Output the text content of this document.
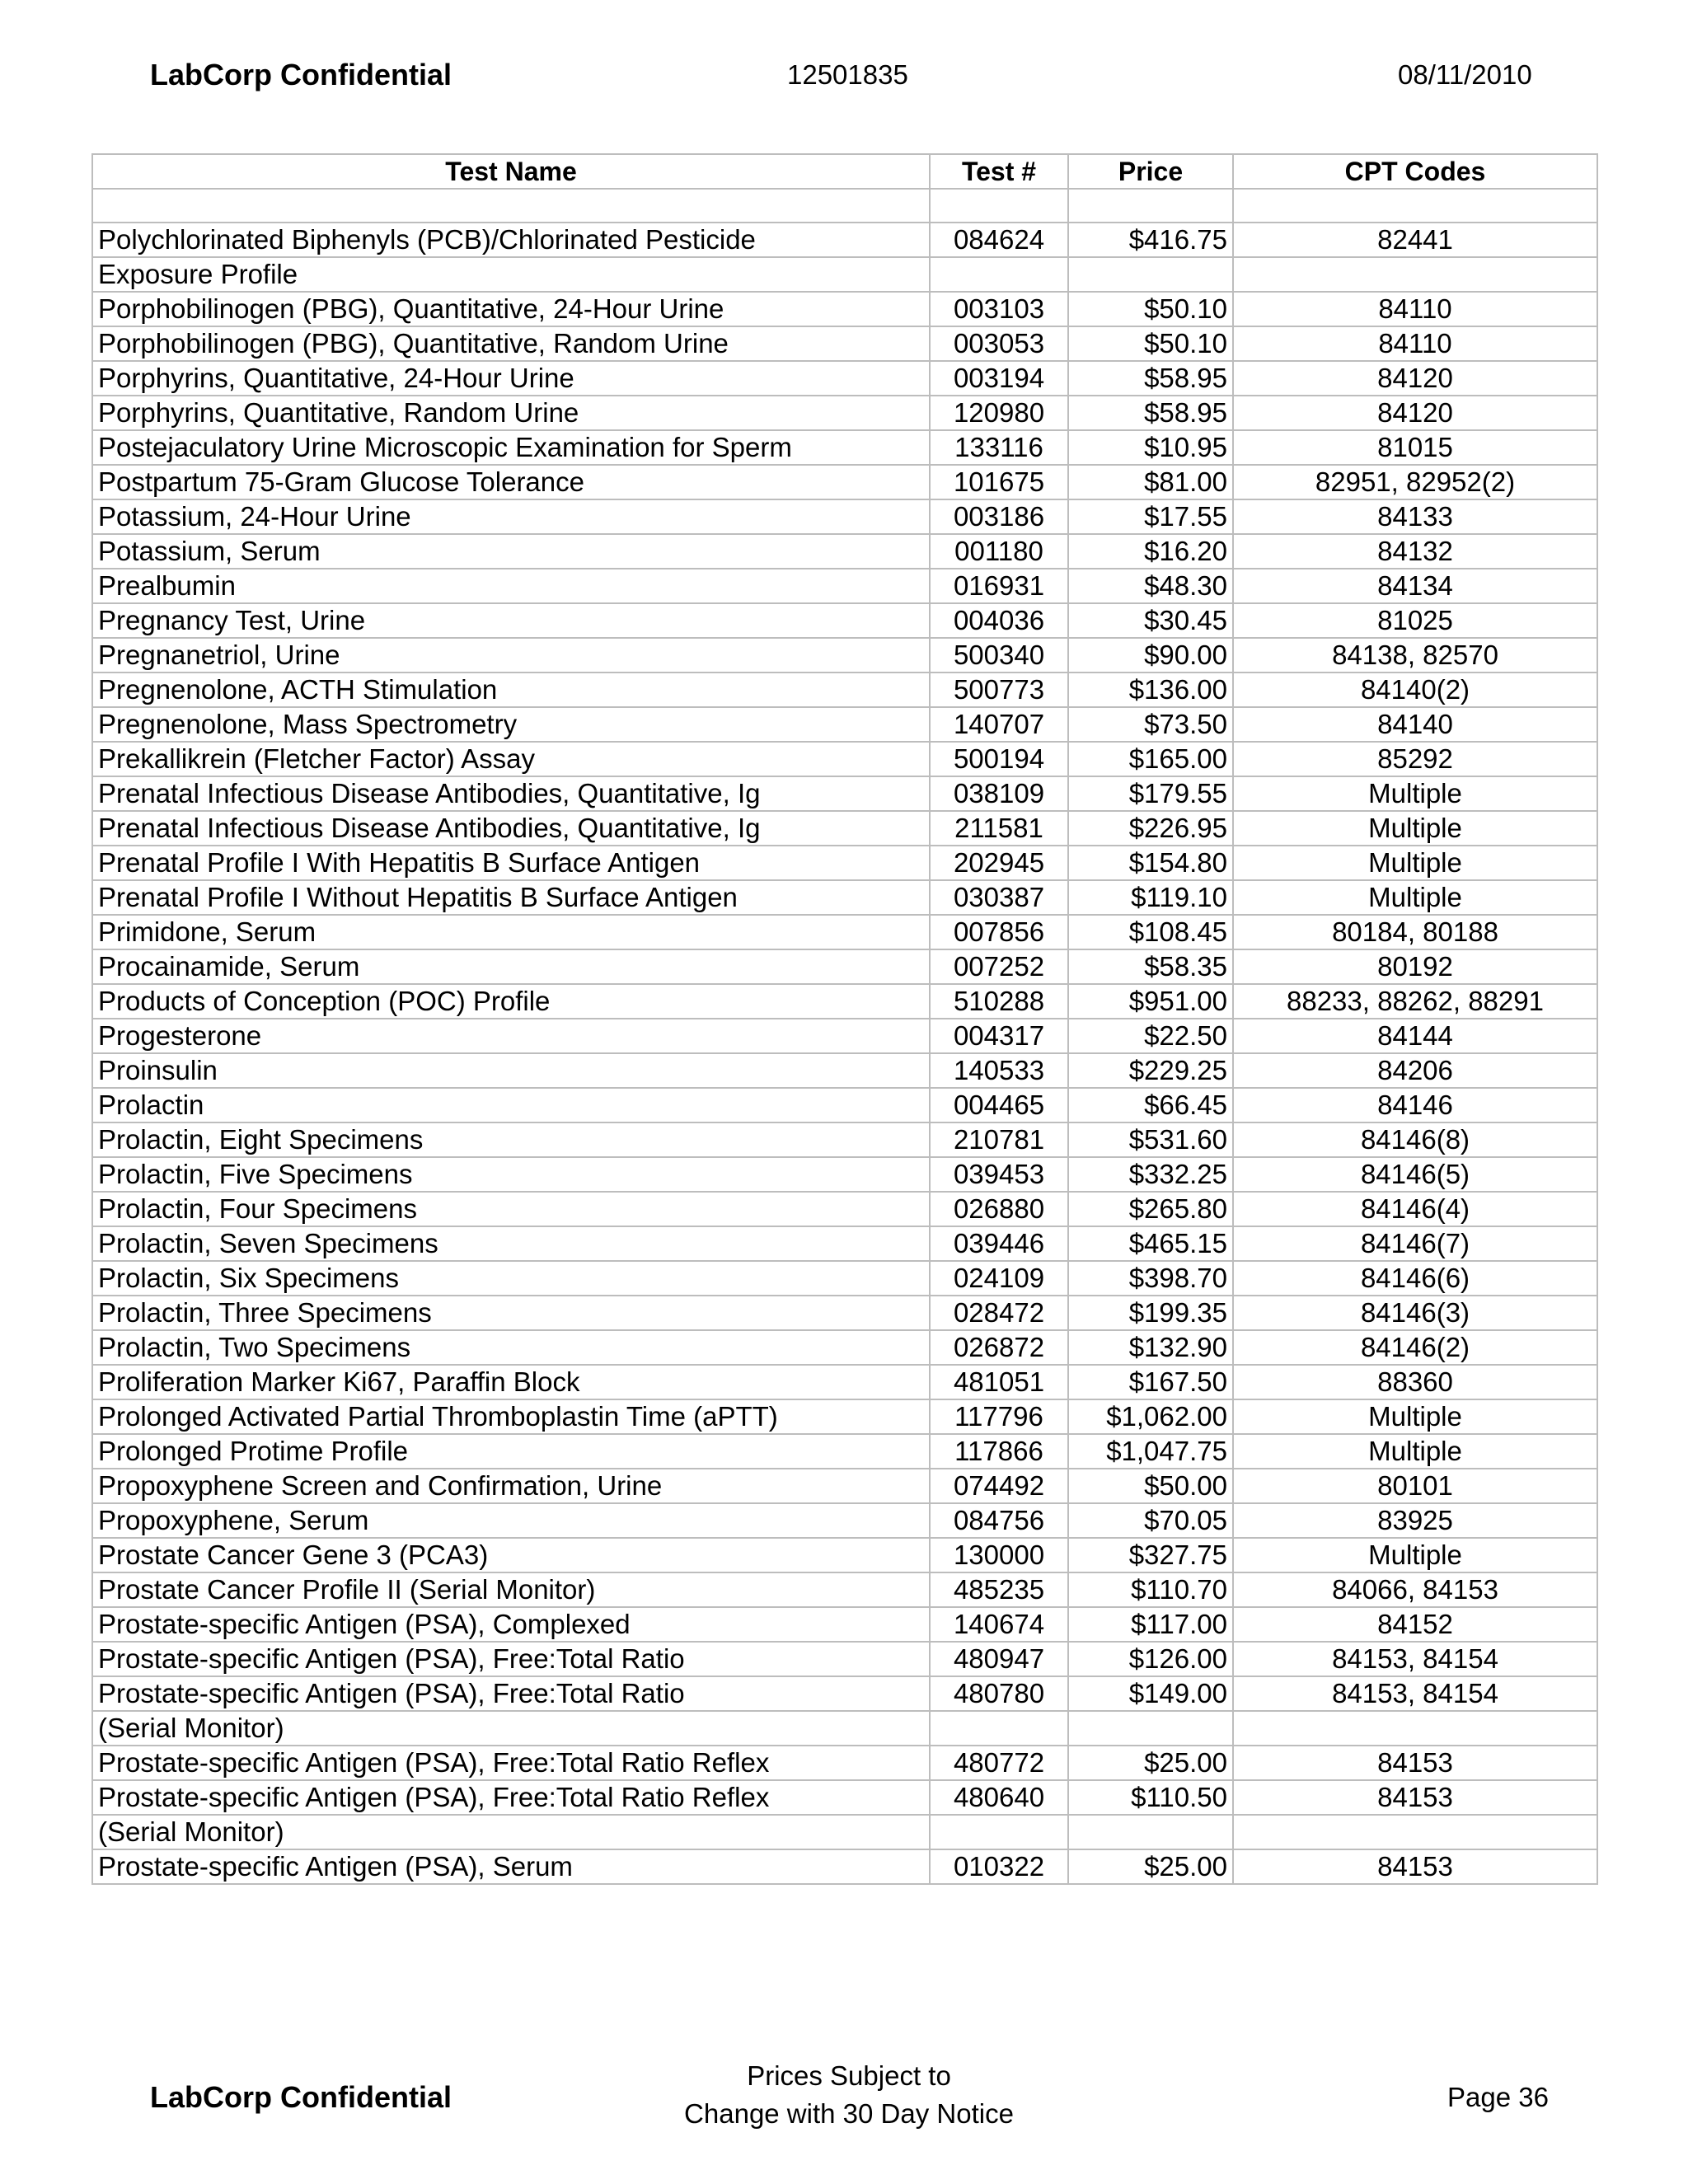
LabCorp Confidential	12501835	08/11/2010
Test Name	Test #	Price	CPT Codes

Polychlorinated Biphenyls (PCB)/Chlorinated Pesticide	084624	$416.75	82441
Exposure Profile			
Porphobilinogen (PBG), Quantitative, 24-Hour Urine	003103	$50.10	84110
Porphobilinogen (PBG), Quantitative, Random Urine	003053	$50.10	84110
Porphyrins, Quantitative, 24-Hour Urine	003194	$58.95	84120
Porphyrins, Quantitative, Random Urine	120980	$58.95	84120
Postejaculatory Urine Microscopic Examination for Sperm	133116	$10.95	81015
Postpartum 75-Gram Glucose Tolerance	101675	$81.00	82951, 82952(2)
Potassium, 24-Hour Urine	003186	$17.55	84133
Potassium, Serum	001180	$16.20	84132
Prealbumin	016931	$48.30	84134
Pregnancy Test, Urine	004036	$30.45	81025
Pregnanetriol, Urine	500340	$90.00	84138, 82570
Pregnenolone, ACTH Stimulation	500773	$136.00	84140(2)
Pregnenolone, Mass Spectrometry	140707	$73.50	84140
Prekallikrein (Fletcher Factor) Assay	500194	$165.00	85292
Prenatal Infectious Disease Antibodies, Quantitative, Ig	038109	$179.55	Multiple
Prenatal Infectious Disease Antibodies, Quantitative, Ig	211581	$226.95	Multiple
Prenatal Profile I With Hepatitis B Surface Antigen	202945	$154.80	Multiple
Prenatal Profile I Without Hepatitis B Surface Antigen	030387	$119.10	Multiple
Primidone, Serum	007856	$108.45	80184, 80188
Procainamide, Serum	007252	$58.35	80192
Products of Conception (POC) Profile	510288	$951.00	88233, 88262, 88291
Progesterone	004317	$22.50	84144
Proinsulin	140533	$229.25	84206
Prolactin	004465	$66.45	84146
Prolactin, Eight Specimens	210781	$531.60	84146(8)
Prolactin, Five Specimens	039453	$332.25	84146(5)
Prolactin, Four Specimens	026880	$265.80	84146(4)
Prolactin, Seven Specimens	039446	$465.15	84146(7)
Prolactin, Six Specimens	024109	$398.70	84146(6)
Prolactin, Three Specimens	028472	$199.35	84146(3)
Prolactin, Two Specimens	026872	$132.90	84146(2)
Proliferation Marker Ki67, Paraffin Block	481051	$167.50	88360
Prolonged Activated Partial Thromboplastin Time (aPTT)	117796	$1,062.00	Multiple
Prolonged Protime Profile	117866	$1,047.75	Multiple
Propoxyphene Screen and Confirmation, Urine	074492	$50.00	80101
Propoxyphene, Serum	084756	$70.05	83925
Prostate Cancer Gene 3 (PCA3)	130000	$327.75	Multiple
Prostate Cancer Profile II (Serial Monitor)	485235	$110.70	84066, 84153
Prostate-specific Antigen (PSA), Complexed	140674	$117.00	84152
Prostate-specific Antigen (PSA), Free:Total Ratio	480947	$126.00	84153, 84154
Prostate-specific Antigen (PSA), Free:Total Ratio	480780	$149.00	84153, 84154
(Serial Monitor)			
Prostate-specific Antigen (PSA), Free:Total Ratio Reflex	480772	$25.00	84153
Prostate-specific Antigen (PSA), Free:Total Ratio Reflex	480640	$110.50	84153
(Serial Monitor)			
Prostate-specific Antigen (PSA), Serum	010322	$25.00	84153
LabCorp Confidential
Prices Subject to
Change with 30 Day Notice
Page 36
